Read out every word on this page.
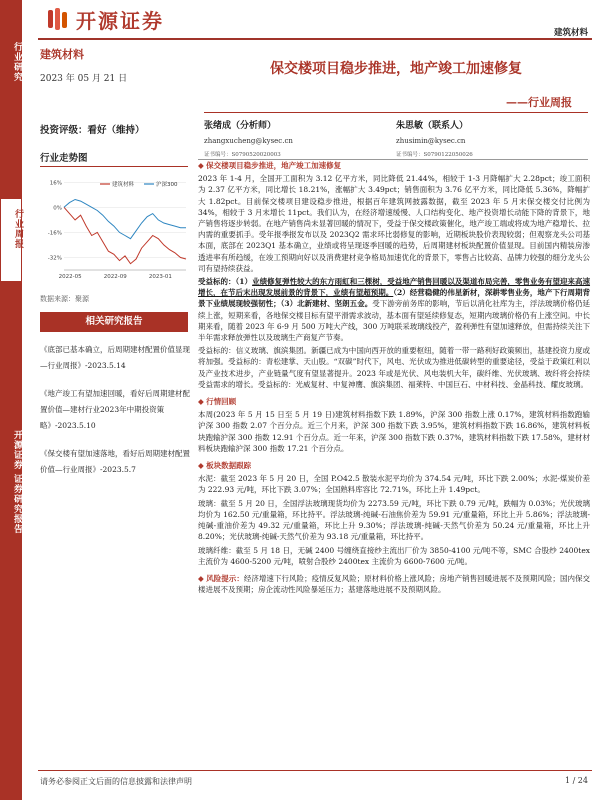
行业研究
行业周报
开源证券 证券研究报告
开源证券
建筑材料
建筑材料
2023 年 05 月 21 日
投资评级：看好（维持）
行业走势图
16%
0%
-16%
-32%
2022-05	2022-09	2023-01
建筑材料	沪深300
数据来源：聚源
相关研究报告
《底部已基本确立，后周期建材配置价值显现—行业周报》-2023.5.14
《地产竣工有望加速回暖，看好后周期建材配置价值—建材行业2023年中期投资策略》-2023.5.10
《保交楼有望加速落地，看好后周期建材配置价值—行业周报》-2023.5.7
保交楼项目稳步推进，地产竣工加速修复
——行业周报
张绪成（分析师）
zhangxucheng@kysec.cn
证书编号：S0790520020003
朱思敏（联系人）
zhusimin@kysec.cn
证书编号：S0790122050026
◆ 保交楼项目稳步推进，地产竣工加速修复
2023 年 1-4 月，全国开工面积为 3.12 亿平方米，同比降低 21.44%，相较于 1-3 月降幅扩大 2.28pct；竣工面积为 2.37 亿平方米，同比增长 18.21%，涨幅扩大 3.49pct；销售面积为 3.76 亿平方米，同比降低 5.36%，降幅扩大 1.82pct。目前保交楼项目建设稳步推进，根据百年建筑网披露数据，截至 2023 年 5 月末保交楼交付比例为 34%，相较于 3 月末增长 11pct。我们认为，在经济增速缓慢、人口结构变化、地产投资增长动能下降的背景下，地产销售将逐步转弱。在地产销售尚未显著回暖的情况下，受益于保交楼政策催化，地产竣工端或将成为地产稳增长、拉内需的重要抓手。受年报季报发布以及 2023Q2 需求环比弱修复的影响，近期板块股价表现较弱；但观察龙头公司基本面，底部在 2023Q1 基本确立，业绩或将呈现逐季回暖的趋势，后周期建材板块配置价值显现。目前国内精装房渗透进率有所趋缓，在竣工预期向好以及消费建材竞争格局加速优化的背景下，零售占比较高、品牌力较强的细分龙头公司有望持续获益。
受益标的：（1）业绩修复弹性较大的东方雨虹和三棵树，受益地产销售回暖以及渠道布局完善，零售业务有望迎来高速增长，在节后末出现发展前景的背景下，业绩有望超预期。（2）经营稳健的伟星新材，深耕零售业务，地产下行周期背景下业绩展现较强韧性；（3）北新建材、坚朗五金。受下游旁前务库的影响，节后以消化社库为主，浮法玻璃价格仍延续上涨，短期来看，各地保交楼目标有望平滑需求波动，基本面有望延续修复态，短期内玻璃价格仍有上涨空间。中长期来看，随着 2023 年 6-9 月 500 万吨大产线，300 万吨联采玻璃线投产，盈利弹性有望加速释放，但需持续关注下半年需求释放弹性以及玻璃生产商复产节奏。
受益标的：信义玻璃、旗滨集团。新疆已成为中国向西开放的重要枢纽，随着一带一路利好政策频出，基建投资力度或将加强。受益标的：青松建掌、天山股。“双碳”时代下，风电、光伏成为推进低碳转型的重要途径，受益于政策红利以及产业技术进步，产业链量气度有望显著提升。2023 年或是光伏、风电装机大年，碳纤维、光伏玻璃、玻纤将会持续受益需求的增长。受益标的：光威复材、中复神鹰、旗滨集团、福莱特、中国巨石、中材科技、金晶科技、耀皮玻璃。
◆ 行情回顾
本周(2023 年 5 月 15 日至 5 月 19 日)建筑材料指数下跌 1.89%，沪深 300 指数上涨 0.17%，建筑材料指数跑输沪深 300 指数 2.07 个百分点。近三个月来，沪深 300 指数下跌 3.95%，建筑材料指数下跌 16.86%，建筑材料板块跑输沪深 300 指数 12.91 个百分点。近一年来，沪深 300 指数下跌 0.37%，建筑材料指数下跌 17.58%，建材材料板块跑输沪深 300 指数 17.21 个百分点。
◆ 板块数据跟踪
水泥：截至 2023 年 5 月 20 日，全国 P.O42.5 散装水泥平均价为 374.54 元/吨，环比下跌 2.00%；水泥-煤炭价差为 222.93 元/吨，环比下跌 3.07%；全国熟料库容比 72.71%，环比上升 1.49pct。
玻璃：截至 5 月 20 日，全国浮法玻璃现货均价为 2273.59 元/吨，环比下跌 0.79 元/吨，跌幅为 0.03%；光伏玻璃均价为 162.50 元/重量箱，环比持平。浮法玻璃-纯碱-石油焦价差为 59.91 元/重量箱，环比上升 5.86%；浮法玻璃-纯碱-重油价差为 49.32 元/重量箱，环比上升 9.30%；浮法玻璃-纯碱-天然气价差为 50.24 元/重量箱，环比上升 8.20%；光伏玻璃-纯碱-天然气价差为 93.18 元/重量箱，环比持平。
玻璃纤维：截至 5 月 18 日，无碱 2400 号缠绕直接纱主流出厂价为 3850-4100 元/吨不等，SMC 合股纱 2400tex 主流价为 4600-5200 元/吨，喷射合股纱 2400tex 主流价为 6600-7600 元/吨。
◆ 风险提示：经济增速下行风险；疫情反复风险；原材料价格上涨风险；房地产销售回暖进展不及预期风险；国内保交楼进展不及预期；房企流动性风险暴延压力；基建落地进展不及预期风险。
请务必参阅正文后面的信息披露和法律声明	1 / 24
